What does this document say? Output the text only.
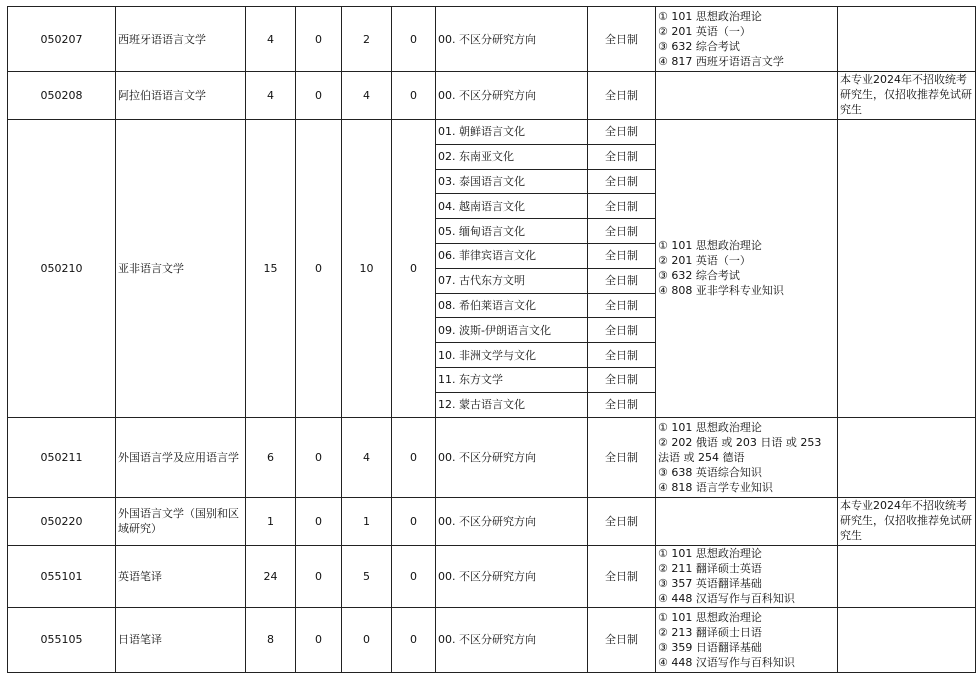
050207	西班牙语语言文学	4	0	2	0	00. 不区分研究方向	全日制	① 101 思想政治理论
② 201 英语（一）
③ 632 综合考试
④ 817 西班牙语语言文学	

050208	阿拉伯语语言文学	4	0	4	0	00. 不区分研究方向	全日制		本专业2024年不招收统考研究生，仅招收推荐免试研究生
050210	亚非语言文学	15	0	10	0	01. 朝鲜语言文化	全日制	① 101 思想政治理论
② 201 英语（一）
③ 632 综合考试
④ 808 亚非学科专业知识	

						02. 东南亚文化	全日制		
						03. 泰国语言文化	全日制		
						04. 越南语言文化	全日制		
						05. 缅甸语言文化	全日制		
						06. 菲律宾语言文化	全日制		
						07. 古代东方文明	全日制		
						08. 希伯莱语言文化	全日制		
						09. 波斯-伊朗语言文化	全日制		
						10. 非洲文学与文化	全日制		
						11. 东方文学	全日制		
						12. 蒙古语言文化	全日制		
050211	外国语言学及应用语言学	6	0	4	0	00. 不区分研究方向	全日制	① 101 思想政治理论
② 202 俄语 或 203 日语 或 253 法语 或 254 德语
③ 638 英语综合知识
④ 818 语言学专业知识	

050220	外国语言文学（国别和区域研究）	1	0	1	0	00. 不区分研究方向	全日制		本专业2024年不招收统考研究生，仅招收推荐免试研究生
055101	英语笔译	24	0	5	0	00. 不区分研究方向	全日制	① 101 思想政治理论
② 211 翻译硕士英语
③ 357 英语翻译基础
④ 448 汉语写作与百科知识	

055105	日语笔译	8	0	0	0	00. 不区分研究方向	全日制	① 101 思想政治理论
② 213 翻译硕士日语
③ 359 日语翻译基础
④ 448 汉语写作与百科知识	
